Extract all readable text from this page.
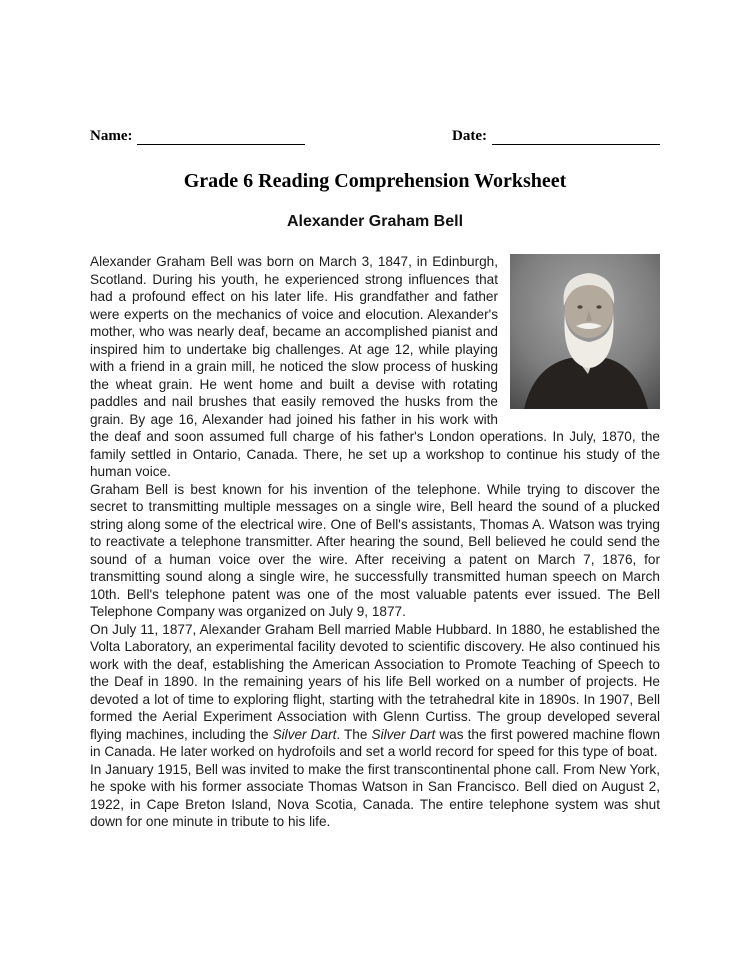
Name:	Date:
Grade 6 Reading Comprehension Worksheet
Alexander Graham Bell

Alexander Graham Bell was born on March 3, 1847, in Edinburgh, Scotland. During his youth, he experienced strong influences that had a profound effect on his later life. His grandfather and father were experts on the mechanics of voice and elocution. Alexander's mother, who was nearly deaf, became an accomplished pianist and inspired him to undertake big challenges. At age 12, while playing with a friend in a grain mill, he noticed the slow process of husking the wheat grain. He went home and built a devise with rotating paddles and nail brushes that easily removed the husks from the grain. By age 16, Alexander had joined his father in his work with the deaf and soon assumed full charge of his father's London operations. In July, 1870, the family settled in Ontario, Canada. There, he set up a workshop to continue his study of the human voice.

Graham Bell is best known for his invention of the telephone. While trying to discover the secret to transmitting multiple messages on a single wire, Bell heard the sound of a plucked string along some of the electrical wire. One of Bell's assistants, Thomas A. Watson was trying to reactivate a telephone transmitter. After hearing the sound, Bell believed he could send the sound of a human voice over the wire. After receiving a patent on March 7, 1876, for transmitting sound along a single wire, he successfully transmitted human speech on March 10th. Bell's telephone patent was one of the most valuable patents ever issued. The Bell Telephone Company was organized on July 9, 1877.

On July 11, 1877, Alexander Graham Bell married Mable Hubbard. In 1880, he established the Volta Laboratory, an experimental facility devoted to scientific discovery. He also continued his work with the deaf, establishing the American Association to Promote Teaching of Speech to the Deaf in 1890. In the remaining years of his life Bell worked on a number of projects. He devoted a lot of time to exploring flight, starting with the tetrahedral kite in 1890s. In 1907, Bell formed the Aerial Experiment Association with Glenn Curtiss. The group developed several flying machines, including the Silver Dart. The Silver Dart was the first powered machine flown in Canada. He later worked on hydrofoils and set a world record for speed for this type of boat.

In January 1915, Bell was invited to make the first transcontinental phone call. From New York, he spoke with his former associate Thomas Watson in San Francisco. Bell died on August 2, 1922, in Cape Breton Island, Nova Scotia, Canada. The entire telephone system was shut down for one minute in tribute to his life.
